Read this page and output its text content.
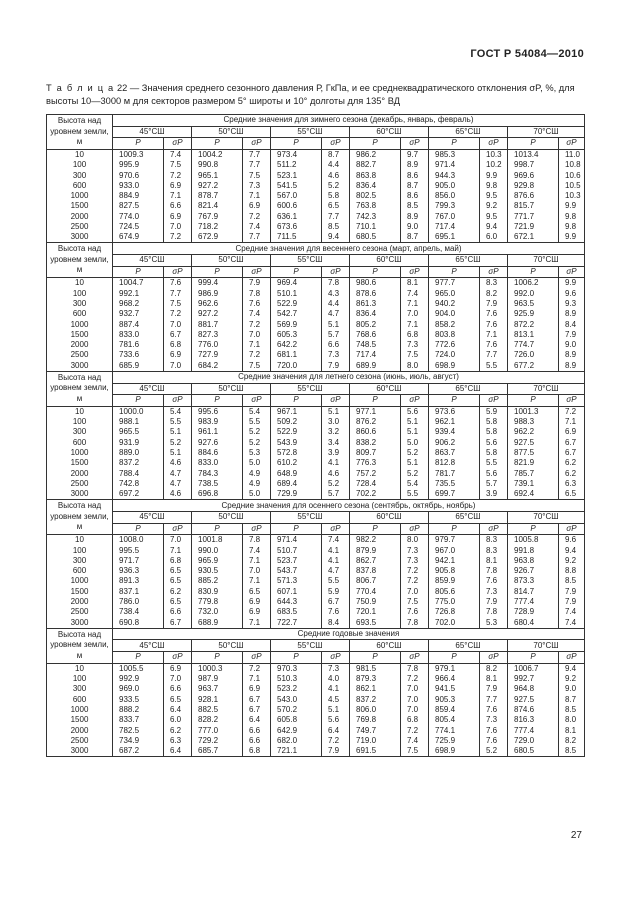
ГОСТ Р 54084—2010
Т а б л и ц а 22 — Значения среднего сезонного давления Р, ГкПа, и ее среднеквадратического отклонения σP, %, для высоты 10—3000 м для секторов размером 5° широты и 10° долготы для 135° ВД
Высота над уровнем земли, м	Средние значения для зимнего сезона (декабрь, январь, февраль)											
	45°СШ		50°СШ		55°СШ		60°СШ		65°СШ		70°СШ	
	P	σP	P	σP	P	σP	P	σP	P	σP	P	σP
10	1009.3	7.4	1004.2	7.7	973.4	8.7	986.2	9.7	985.3	10.3	1013.4	11.0
100	995.9	7.5	990.8	7.7	511.2	4.4	882.7	8.9	971.4	10.2	998.7	10.8
300	970.6	7.2	965.1	7.5	523.1	4.6	863.8	8.6	944.3	9.9	969.6	10.6
600	933.0	6.9	927.2	7.3	541.5	5.2	836.4	8.7	905.0	9.8	929.8	10.5
1000	884.9	7.1	878.7	7.1	567.0	5.8	802.5	8.6	856.0	9.5	876.6	10.3
1500	827.5	6.6	821.4	6.9	600.6	6.5	763.8	8.5	799.3	9.2	815.7	9.9
2000	774.0	6.9	767.9	7.2	636.1	7.7	742.3	8.9	767.0	9.5	771.7	9.8
2500	724.5	7.0	718.2	7.4	673.6	8.5	710.1	9.0	717.4	9.4	721.9	9.8
3000	674.9	7.2	672.9	7.7	711.5	9.4	680.5	8.7	695.1	6.0	672.1	9.9
Высота над уровнем земли, м	Средние значения для весеннего сезона (март, апрель, май)											
	45°СШ		50°СШ		55°СШ		60°СШ		65°СШ		70°СШ	
	P	σP	P	σP	P	σP	P	σP	P	σP	P	σP
10	1004.7	7.6	999.4	7.9	969.4	7.8	980.6	8.1	977.7	8.3	1006.2	9.9
100	992.1	7.7	986.9	7.8	510.1	4.3	878.6	7.4	965.0	8.2	992.0	9.6
300	968.2	7.5	962.6	7.6	522.9	4.4	861.3	7.1	940.2	7.9	963.5	9.3
600	932.7	7.2	927.2	7.4	542.7	4.7	836.4	7.0	904.0	7.6	925.9	8.9
1000	887.4	7.0	881.7	7.2	569.9	5.1	805.2	7.1	858.2	7.6	872.2	8.4
1500	833.0	6.7	827.3	7.0	605.3	5.7	768.6	6.8	803.8	7.1	813.1	7.9
2000	781.6	6.8	776.0	7.1	642.2	6.6	748.5	7.3	772.6	7.6	774.7	9.0
2500	733.6	6.9	727.9	7.2	681.1	7.3	717.4	7.5	724.0	7.7	726.0	8.9
3000	685.9	7.0	684.2	7.5	720.0	7.9	689.9	8.0	698.9	5.5	677.2	8.9
Высота над уровнем земли, м	Средние значения для летнего сезона (июнь, июль, август)											
	45°СШ		50°СШ		55°СШ		60°СШ		65°СШ		70°СШ	
	P	σP	P	σP	P	σP	P	σP	P	σP	P	σP
10	1000.0	5.4	995.6	5.4	967.1	5.1	977.1	5.6	973.6	5.9	1001.3	7.2
100	988.1	5.5	983.9	5.5	509.2	3.0	876.2	5.1	962.1	5.8	988.3	7.1
300	965.5	5.1	961.1	5.2	522.9	3.2	860.6	5.1	939.4	5.8	962.2	6.9
600	931.9	5.2	927.6	5.2	543.9	3.4	838.2	5.0	906.2	5.6	927.5	6.7
1000	889.0	5.1	884.6	5.3	572.8	3.9	809.7	5.2	863.7	5.8	877.5	6.7
1500	837.2	4.6	833.0	5.0	610.2	4.1	776.3	5.1	812.8	5.5	821.9	6.2
2000	788.4	4.7	784.3	4.9	648.9	4.6	757.2	5.2	781.7	5.6	785.7	6.2
2500	742.8	4.7	738.5	4.9	689.4	5.2	728.4	5.4	735.5	5.7	739.1	6.3
3000	697.2	4.6	696.8	5.0	729.9	5.7	702.2	5.5	699.7	3.9	692.4	6.5
Высота над уровнем земли, м	Средние значения для осеннего сезона (сентябрь, октябрь, ноябрь)											
	45°СШ		50°СШ		55°СШ		60°СШ		65°СШ		70°СШ	
	P	σP	P	σP	P	σP	P	σP	P	σP	P	σP
10	1008.0	7.0	1001.8	7.8	971.4	7.4	982.2	8.0	979.7	8.3	1005.8	9.6
100	995.5	7.1	990.0	7.4	510.7	4.1	879.9	7.3	967.0	8.3	991.8	9.4
300	971.7	6.8	965.9	7.1	523.7	4.1	862.7	7.3	942.1	8.1	963.8	9.2
600	936.3	6.5	930.5	7.0	543.7	4.7	837.8	7.2	905.8	7.8	926.7	8.8
1000	891.3	6.5	885.2	7.1	571.3	5.5	806.7	7.2	859.9	7.6	873.3	8.5
1500	837.1	6.2	830.9	6.5	607.1	5.9	770.4	7.0	805.6	7.3	814.7	7.9
2000	786.0	6.5	779.8	6.9	644.3	6.7	750.9	7.5	775.0	7.9	777.4	7.9
2500	738.4	6.6	732.0	6.9	683.5	7.6	720.1	7.6	726.8	7.8	728.9	7.4
3000	690.8	6.7	688.9	7.1	722.7	8.4	693.5	7.8	702.0	5.3	680.4	7.4
Высота над уровнем земли, м	Средние годовые значения											
	45°СШ		50°СШ		55°СШ		60°СШ		65°СШ		70°СШ	
	P	σP	P	σP	P	σP	P	σP	P	σP	P	σP
10	1005.5	6.9	1000.3	7.2	970.3	7.3	981.5	7.8	979.1	8.2	1006.7	9.4
100	992.9	7.0	987.9	7.1	510.3	4.0	879.3	7.2	966.4	8.1	992.7	9.2
300	969.0	6.6	963.7	6.9	523.2	4.1	862.1	7.0	941.5	7.9	964.8	9.0
600	933.5	6.5	928.1	6.7	543.0	4.5	837.2	7.0	905.3	7.7	927.5	8.7
1000	888.2	6.4	882.5	6.7	570.2	5.1	806.0	7.0	859.4	7.6	874.6	8.5
1500	833.7	6.0	828.2	6.4	605.8	5.6	769.8	6.8	805.4	7.3	816.3	8.0
2000	782.5	6.2	777.0	6.6	642.9	6.4	749.7	7.2	774.1	7.6	777.4	8.1
2500	734.9	6.3	729.2	6.6	682.0	7.2	719.0	7.4	725.9	7.6	729.0	8.2
3000	687.2	6.4	685.7	6.8	721.1	7.9	691.5	7.5	698.9	5.2	680.5	8.5
27
